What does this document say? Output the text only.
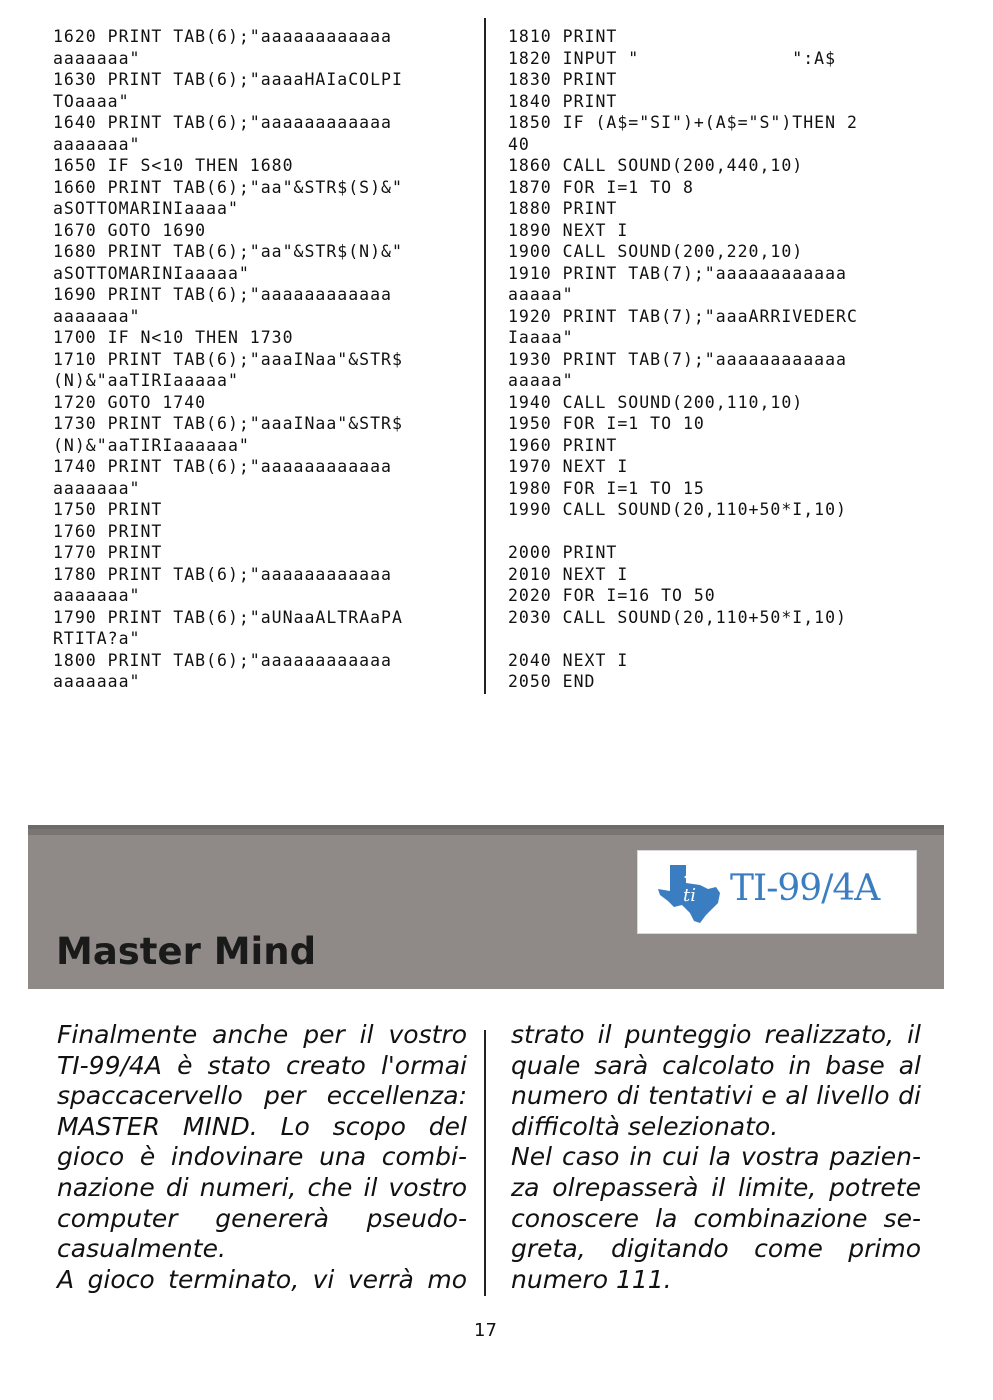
1620 PRINT TAB(6);"aaaaaaaaaaaa
aaaaaaa"
1630 PRINT TAB(6);"aaaaHAIaCOLPI
TOaaaa"
1640 PRINT TAB(6);"aaaaaaaaaaaa
aaaaaaa"
1650 IF S<10 THEN 1680
1660 PRINT TAB(6);"aa"&STR$(S)&"
aSOTTOMARINIaaaa"
1670 GOTO 1690
1680 PRINT TAB(6);"aa"&STR$(N)&"
aSOTTOMARINIaaaaa"
1690 PRINT TAB(6);"aaaaaaaaaaaa
aaaaaaa"
1700 IF N<10 THEN 1730
1710 PRINT TAB(6);"aaaINaa"&STR$
(N)&"aaTIRIaaaaa"
1720 GOTO 1740
1730 PRINT TAB(6);"aaaINaa"&STR$
(N)&"aaTIRIaaaaaa"
1740 PRINT TAB(6);"aaaaaaaaaaaa
aaaaaaa"
1750 PRINT
1760 PRINT
1770 PRINT
1780 PRINT TAB(6);"aaaaaaaaaaaa
aaaaaaa"
1790 PRINT TAB(6);"aUNaaALTRAaPA
RTITA?a"
1800 PRINT TAB(6);"aaaaaaaaaaaa
aaaaaaa"
1810 PRINT
1820 INPUT "              ":A$
1830 PRINT
1840 PRINT
1850 IF (A$="SI")+(A$="S")THEN 2
40
1860 CALL SOUND(200,440,10)
1870 FOR I=1 TO 8
1880 PRINT
1890 NEXT I
1900 CALL SOUND(200,220,10)
1910 PRINT TAB(7);"aaaaaaaaaaaa
aaaaa"
1920 PRINT TAB(7);"aaaARRIVEDERC
Iaaaa"
1930 PRINT TAB(7);"aaaaaaaaaaaa
aaaaa"
1940 CALL SOUND(200,110,10)
1950 FOR I=1 TO 10
1960 PRINT
1970 NEXT I
1980 FOR I=1 TO 15
1990 CALL SOUND(20,110+50*I,10)
2000 PRINT
2010 NEXT I
2020 FOR I=16 TO 50
2030 CALL SOUND(20,110+50*I,10)
2040 NEXT I
2050 END
Master Mind
ti TI-99/4A
Finalmente anche per il vostro
TI-99/4A è stato creato l'ormai
spaccacervello per eccellenza:
MASTER MIND. Lo scopo del
gioco è indovinare una combi-
nazione di numeri, che il vostro
computer genererà pseudo-
casualmente.
A gioco terminato, vi verrà mo
strato il punteggio realizzato, il
quale sarà calcolato in base al
numero di tentativi e al livello di
difficoltà selezionato.
Nel caso in cui la vostra pazien-
za olrepasserà il limite, potrete
conoscere la combinazione se-
greta, digitando come primo
numero 111.
17
